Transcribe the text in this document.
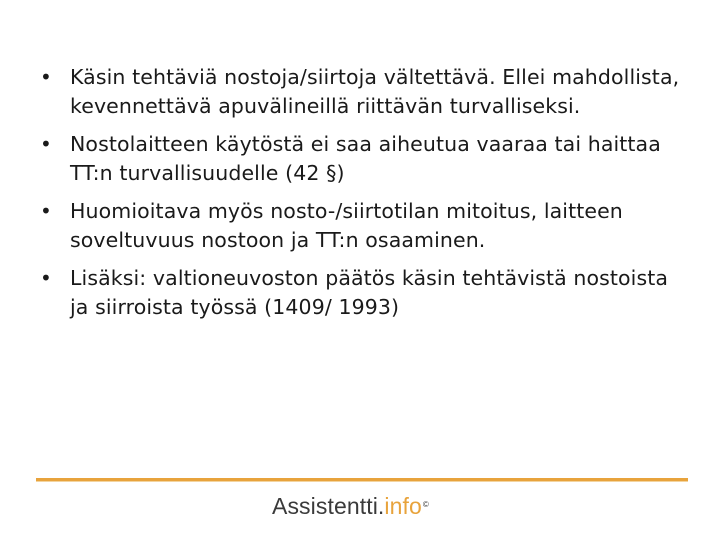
• Käsin tehtäviä nostoja/siirtoja vältettävä. Ellei mahdollista, kevennettävä apuvälineillä riittävän turvalliseksi.
• Nostolaitteen käytöstä ei saa aiheutua vaaraa tai haittaa TT:n turvallisuudelle (42 §)
• Huomioitava myös nosto-/siirtotilan mitoitus, laitteen soveltuvuus nostoon ja TT:n osaaminen.
• Lisäksi: valtioneuvoston päätös käsin tehtävistä nostoista ja siirroista työssä (1409/ 1993)
Assistentti.info©
